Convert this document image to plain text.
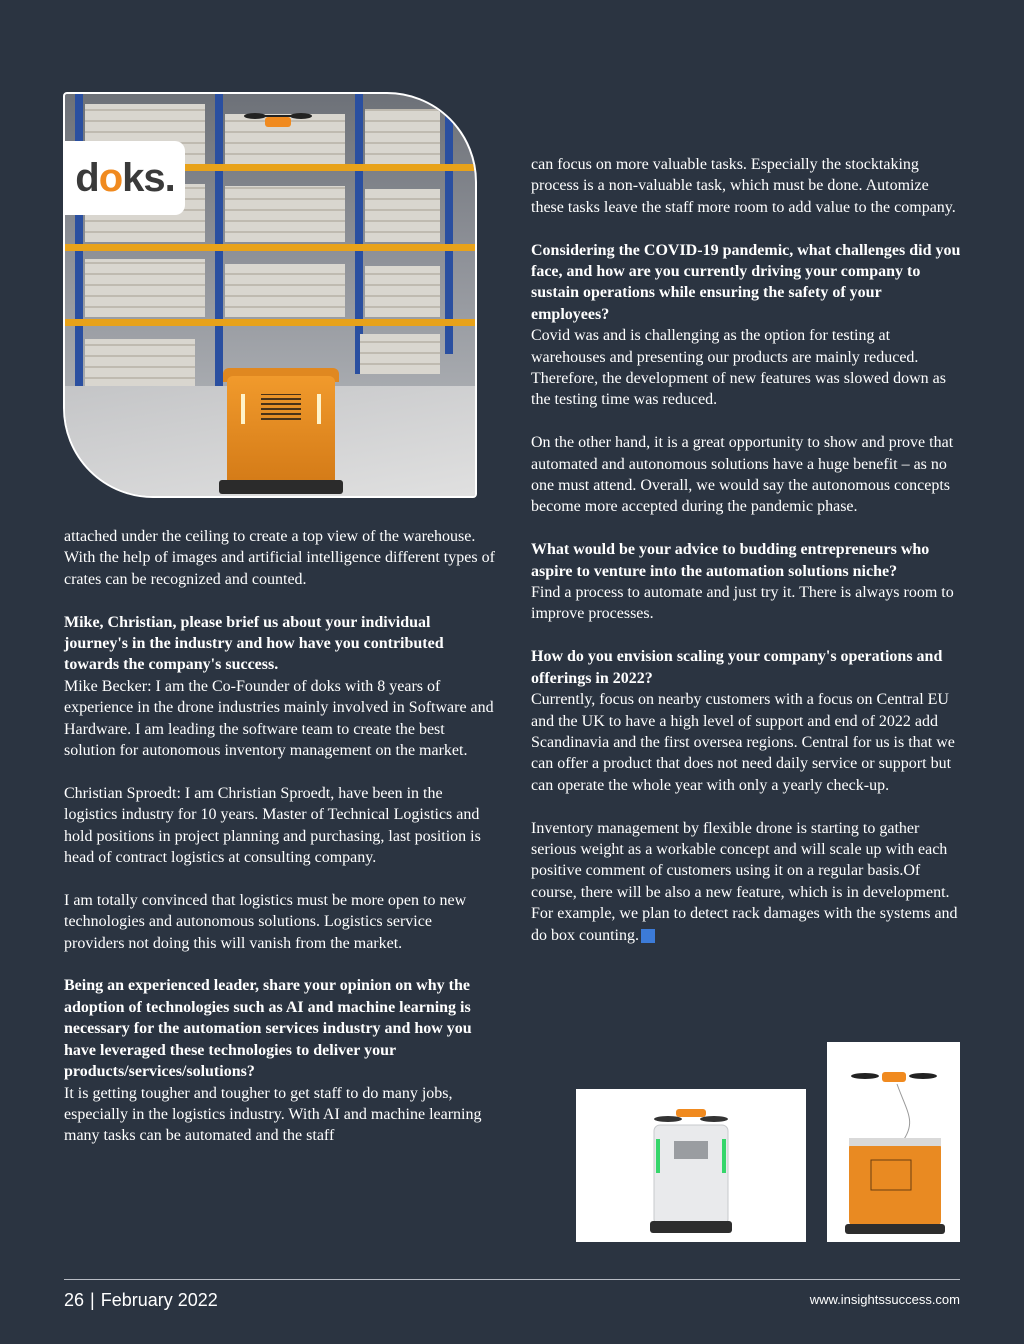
d o ks.

attached under the ceiling to create a top view of the warehouse. With the help of images and artificial intelligence different types of crates can be recognized and counted.

Mike, Christian, please brief us about your individual journey's in the industry and how have you contributed towards the company's success.

Mike Becker: I am the Co-Founder of doks with 8 years of experience in the drone industries mainly involved in Software and Hardware. I am leading the software team to create the best solution for autonomous inventory management on the market.

Christian Sproedt: I am Christian Sproedt, have been in the logistics industry for 10 years. Master of Technical Logistics and hold positions in project planning and purchasing, last position is head of contract logistics at consulting company.

I am totally convinced that logistics must be more open to new technologies and autonomous solutions. Logistics service providers not doing this will vanish from the market.

Being an experienced leader, share your opinion on why the adoption of technologies such as AI and machine learning is necessary for the automation services industry and how you have leveraged these technologies to deliver your products/services/solutions?

It is getting tougher and tougher to get staff to do many jobs, especially in the logistics industry. With AI and machine learning many tasks can be automated and the staff

can focus on more valuable tasks. Especially the stocktaking process is a non-valuable task, which must be done. Automize these tasks leave the staff more room to add value to the company.

Considering the COVID-19 pandemic, what challenges did you face, and how are you currently driving your company to sustain operations while ensuring the safety of your employees?

Covid was and is challenging as the option for testing at warehouses and presenting our products are mainly reduced. Therefore, the development of new features was slowed down as the testing time was reduced.

On the other hand, it is a great opportunity to show and prove that automated and autonomous solutions have a huge benefit – as no one must attend. Overall, we would say the autonomous concepts become more accepted during the pandemic phase.

What would be your advice to budding entrepreneurs who aspire to venture into the automation solutions niche?

Find a process to automate and just try it. There is always room to improve processes.

How do you envision scaling your company's operations and offerings in 2022?

Currently, focus on nearby customers with a focus on Central EU and the UK to have a high level of support and end of 2022 add Scandinavia and the first oversea regions. Central for us is that we can offer a product that does not need daily service or support but can operate the whole year with only a yearly check-up.

Inventory management by flexible drone is starting to gather serious weight as a workable concept and will scale up with each positive comment of customers using it on a regular basis.Of course, there will be also a new feature, which is in development. For example, we plan to detect rack damages with the systems and do box counting.

26 | February 2022	www.insightssuccess.com
